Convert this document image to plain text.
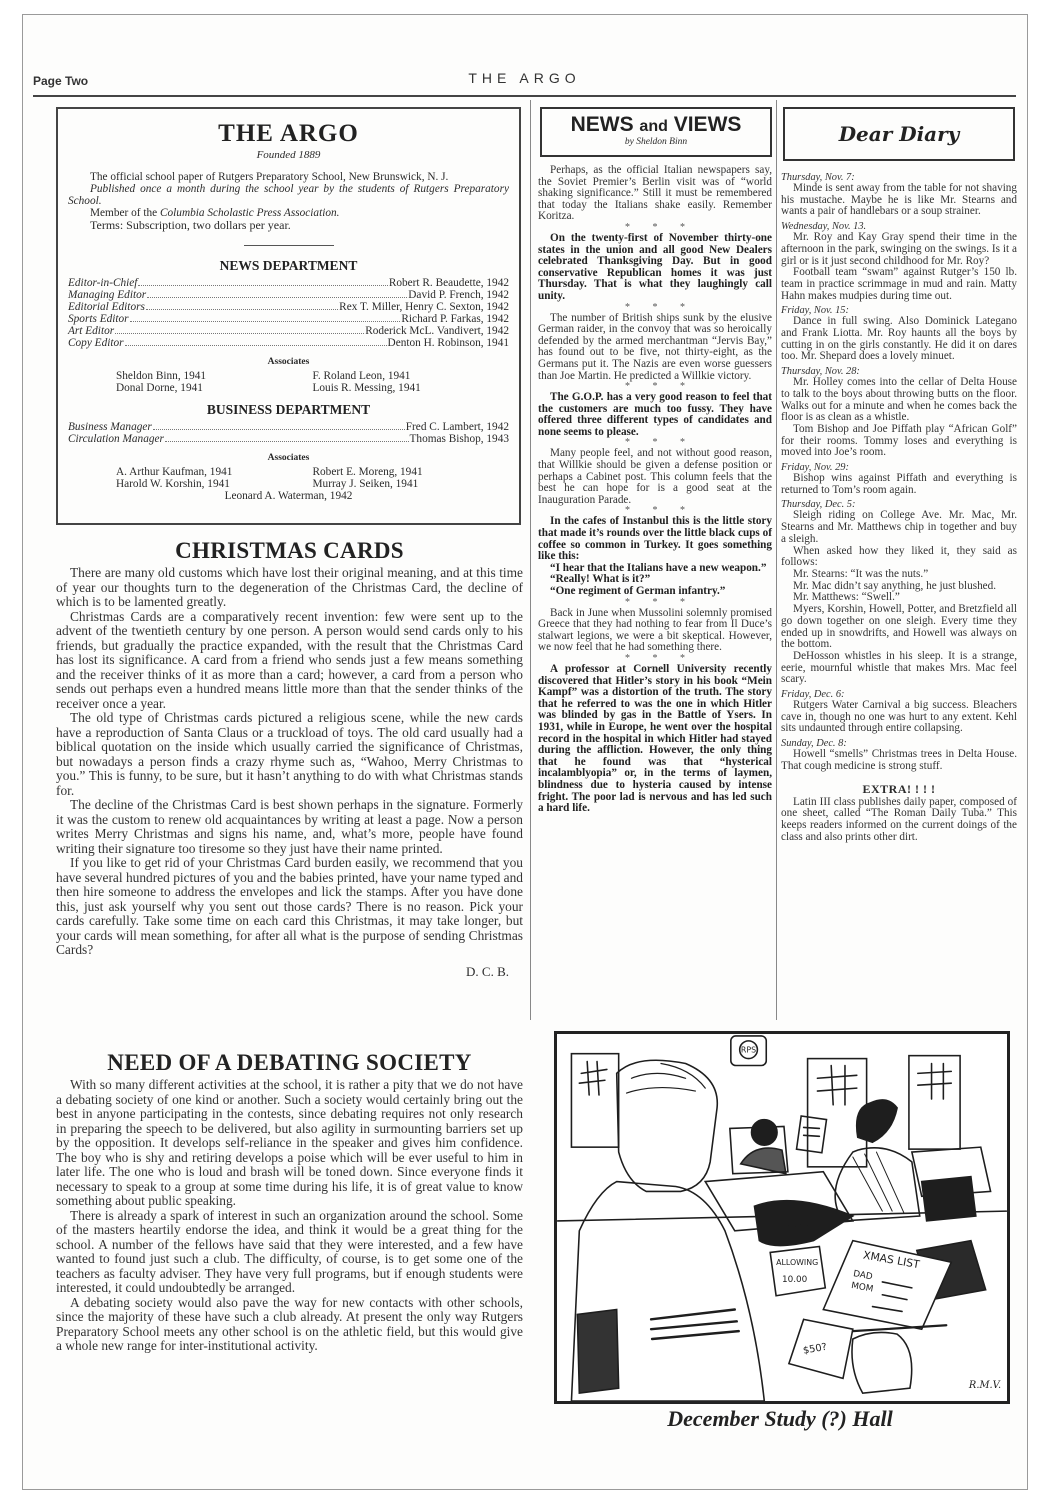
Page Two	THE ARGO
THE ARGO
Founded 1889

The official school paper of Rutgers Preparatory School, New Brunswick, N. J.

Published once a month during the school year by the students of Rutgers Preparatory School.

Member of the Columbia Scholastic Press Association.

Terms: Subscription, two dollars per year.

NEWS DEPARTMENT
Editor-in-Chief	Robert R. Beaudette, 1942
Managing Editor	David P. French, 1942
Editorial Editors	Rex T. Miller, Henry C. Sexton, 1942
Sports Editor	Richard P. Farkas, 1942
Art Editor	Roderick McL. Vandivert, 1942
Copy Editor	Denton H. Robinson, 1941
Associates
Sheldon Binn, 1941	F. Roland Leon, 1941
Donal Dorne, 1941	Louis R. Messing, 1941
BUSINESS DEPARTMENT
Business Manager	Fred C. Lambert, 1942
Circulation Manager	Thomas Bishop, 1943
Associates
A. Arthur Kaufman, 1941	Robert E. Moreng, 1941
Harold W. Korshin, 1941	Murray J. Seiken, 1941
Leonard A. Waterman, 1942
CHRISTMAS CARDS

There are many old customs which have lost their original meaning, and at this time of year our thoughts turn to the degeneration of the Christmas Card, the decline of which is to be lamented greatly.

Christmas Cards are a comparatively recent invention: few were sent up to the advent of the twentieth century by one person. A person would send cards only to his friends, but gradually the practice expanded, with the result that the Christmas Card has lost its significance. A card from a friend who sends just a few means something and the receiver thinks of it as more than a card; however, a card from a person who sends out perhaps even a hundred means little more than that the sender thinks of the receiver once a year.

The old type of Christmas cards pictured a religious scene, while the new cards have a reproduction of Santa Claus or a truckload of toys. The old card usually had a biblical quotation on the inside which usually carried the significance of Christmas, but nowadays a person finds a crazy rhyme such as, “Wahoo, Merry Christmas to you.” This is funny, to be sure, but it hasn’t anything to do with what Christmas stands for.

The decline of the Christmas Card is best shown perhaps in the signature. Formerly it was the custom to renew old acquaintances by writing at least a page. Now a person writes Merry Christmas and signs his name, and, what’s more, people have found writing their signature too tiresome so they just have their name printed.

If you like to get rid of your Christmas Card burden easily, we recommend that you have several hundred pictures of you and the babies printed, have your name typed and then hire someone to address the envelopes and lick the stamps. After you have done this, just ask yourself why you sent out those cards? There is no reason. Pick your cards carefully. Take some time on each card this Christmas, it may take longer, but your cards will mean something, for after all what is the purpose of sending Christmas Cards?

D. C. B.
NEED OF A DEBATING SOCIETY

With so many different activities at the school, it is rather a pity that we do not have a debating society of one kind or another. Such a society would certainly bring out the best in anyone participating in the contests, since debating requires not only research in preparing the speech to be delivered, but also agility in surmounting barriers set up by the opposition. It develops self-reliance in the speaker and gives him confidence. The boy who is shy and retiring develops a poise which will be ever useful to him in later life. The one who is loud and brash will be toned down. Since everyone finds it necessary to speak to a group at some time during his life, it is of great value to know something about public speaking.

There is already a spark of interest in such an organization around the school. Some of the masters heartily endorse the idea, and think it would be a great thing for the school. A number of the fellows have said that they were interested, and a few have wanted to found just such a club. The difficulty, of course, is to get some one of the teachers as faculty adviser. They have very full programs, but if enough students were interested, it could undoubtedly be arranged.

A debating society would also pave the way for new contacts with other schools, since the majority of these have such a club already. At present the only way Rutgers Preparatory School meets any other school is on the athletic field, but this would give a whole new range for inter-institutional activity.

NEWS and VIEWS
by Sheldon Binn

Perhaps, as the official Italian newspapers say, the Soviet Premier’s Berlin visit was of “world shaking significance.” Still it must be remembered that today the Italians shake easily. Remember Koritza.

* * *

On the twenty-first of November thirty-one states in the union and all good New Dealers celebrated Thanksgiving Day. But in good conservative Republican homes it was just Thursday. That is what they laughingly call unity.

* * *

The number of British ships sunk by the elusive German raider, in the convoy that was so heroically defended by the armed merchantman “Jervis Bay,” has found out to be five, not thirty-eight, as the Germans put it. The Nazis are even worse guessers than Joe Martin. He predicted a Willkie victory.

* * *

The G.O.P. has a very good reason to feel that the customers are much too fussy. They have offered three different types of candidates and none seems to please.

* * *

Many people feel, and not without good reason, that Willkie should be given a defense position or perhaps a Cabinet post. This column feels that the best he can hope for is a good seat at the Inauguration Parade.

* * *

In the cafes of Instanbul this is the little story that made it’s rounds over the little black cups of coffee so common in Turkey. It goes something like this:

“I hear that the Italians have a new weapon.”

“Really! What is it?”

“One regiment of German infantry.”

* * *

Back in June when Mussolini solemnly promised Greece that they had nothing to fear from Il Duce’s stalwart legions, we were a bit skeptical. However, we now feel that he had something there.

* * *

A professor at Cornell University recently discovered that Hitler’s story in his book “Mein Kampf” was a distortion of the truth. The story that he referred to was the one in which Hitler was blinded by gas in the Battle of Ysers. In 1931, while in Europe, he went over the hospital record in the hospital in which Hitler had stayed during the affliction. However, the only thing that he found was that “hysterical incalamblyopia” or, in the terms of laymen, blindness due to hysteria caused by intense fright. The poor lad is nervous and has led such a hard life.

Dear Diary
Thursday, Nov. 7:

Minde is sent away from the table for not shaving his mustache. Maybe he is like Mr. Stearns and wants a pair of handlebars or a soup strainer.

Wednesday, Nov. 13.

Mr. Roy and Kay Gray spend their time in the afternoon in the park, swinging on the swings. Is it a girl or is it just second childhood for Mr. Roy?

Football team “swam” against Rutger’s 150 lb. team in practice scrimmage in mud and rain. Matty Hahn makes mudpies during time out.

Friday, Nov. 15:

Dance in full swing. Also Dominick Lategano and Frank Liotta. Mr. Roy haunts all the boys by cutting in on the girls constantly. He did it on dares too. Mr. Shepard does a lovely minuet.

Thursday, Nov. 28:

Mr. Holley comes into the cellar of Delta House to talk to the boys about throwing butts on the floor. Walks out for a minute and when he comes back the floor is as clean as a whistle.

Tom Bishop and Joe Piffath play “African Golf” for their rooms. Tommy loses and everything is moved into Joe’s room.

Friday, Nov. 29:

Bishop wins against Piffath and everything is returned to Tom’s room again.

Thursday, Dec. 5:

Sleigh riding on College Ave. Mr. Mac, Mr. Stearns and Mr. Matthews chip in together and buy a sleigh.

When asked how they liked it, they said as follows:

Mr. Stearns: “It was the nuts.”

Mr. Mac didn’t say anything, he just blushed.

Mr. Matthews: “Swell.”

Myers, Korshin, Howell, Potter, and Bretzfield all go down together on one sleigh. Every time they ended up in snowdrifts, and Howell was always on the bottom.

DeHosson whistles in his sleep. It is a strange, eerie, mournful whistle that makes Mrs. Mac feel scary.

Friday, Dec. 6:

Rutgers Water Carnival a big success. Bleachers cave in, though no one was hurt to any extent. Kehl sits undaunted through entire collapsing.

Sunday, Dec. 8:

Howell “smells” Christmas trees in Delta House. That cough medicine is strong stuff.

EXTRA! ! ! !

Latin III class publishes daily paper, composed of one sheet, called “The Roman Daily Tuba.” This keeps readers informed on the current doings of the class and also prints other dirt.

RPS
XMAS LIST
DAD
MOM
ALLOWING
10.00
$50?
R.M.V.
December Study (?) Hall
